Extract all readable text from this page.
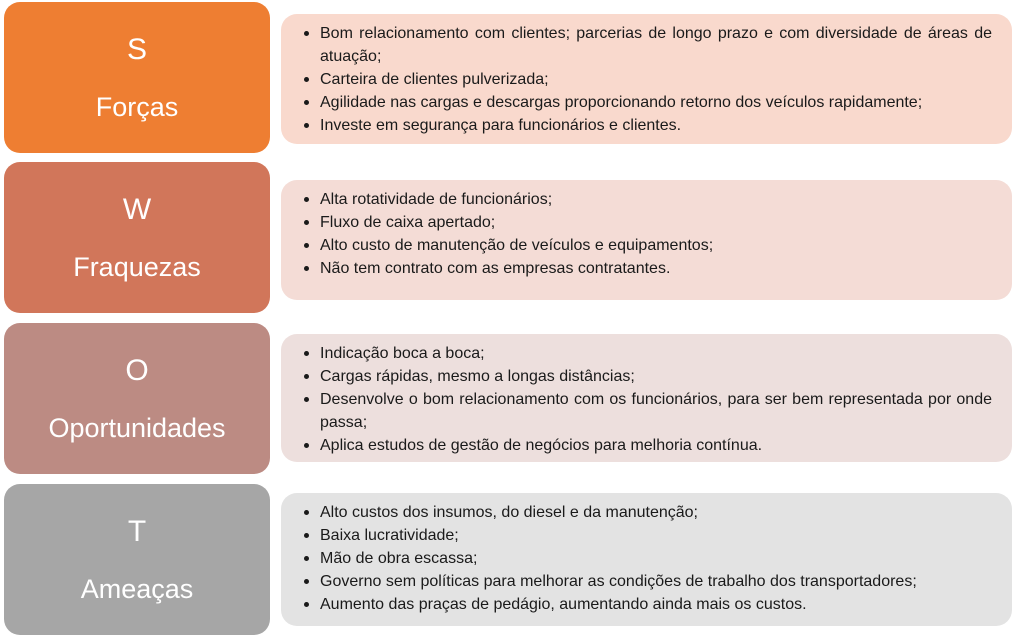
S
Forças
Bom relacionamento com clientes; parcerias de longo prazo e com diversidade de áreas de atuação;
Carteira de clientes pulverizada;
Agilidade nas cargas e descargas proporcionando retorno dos veículos rapidamente;
Investe em segurança para funcionários e clientes.
W
Fraquezas
Alta rotatividade de funcionários;
Fluxo de caixa apertado;
Alto custo de manutenção de veículos e equipamentos;
Não tem contrato com as empresas contratantes.
O
Oportunidades
Indicação boca a boca;
Cargas rápidas, mesmo a longas distâncias;
Desenvolve o bom relacionamento com os funcionários, para ser bem representada por onde passa;
Aplica estudos de gestão de negócios para melhoria contínua.
T
Ameaças
Alto custos dos insumos, do diesel e da manutenção;
Baixa lucratividade;
Mão de obra escassa;
Governo sem políticas para melhorar as condições de trabalho dos transportadores;
Aumento das praças de pedágio, aumentando ainda mais os custos.
